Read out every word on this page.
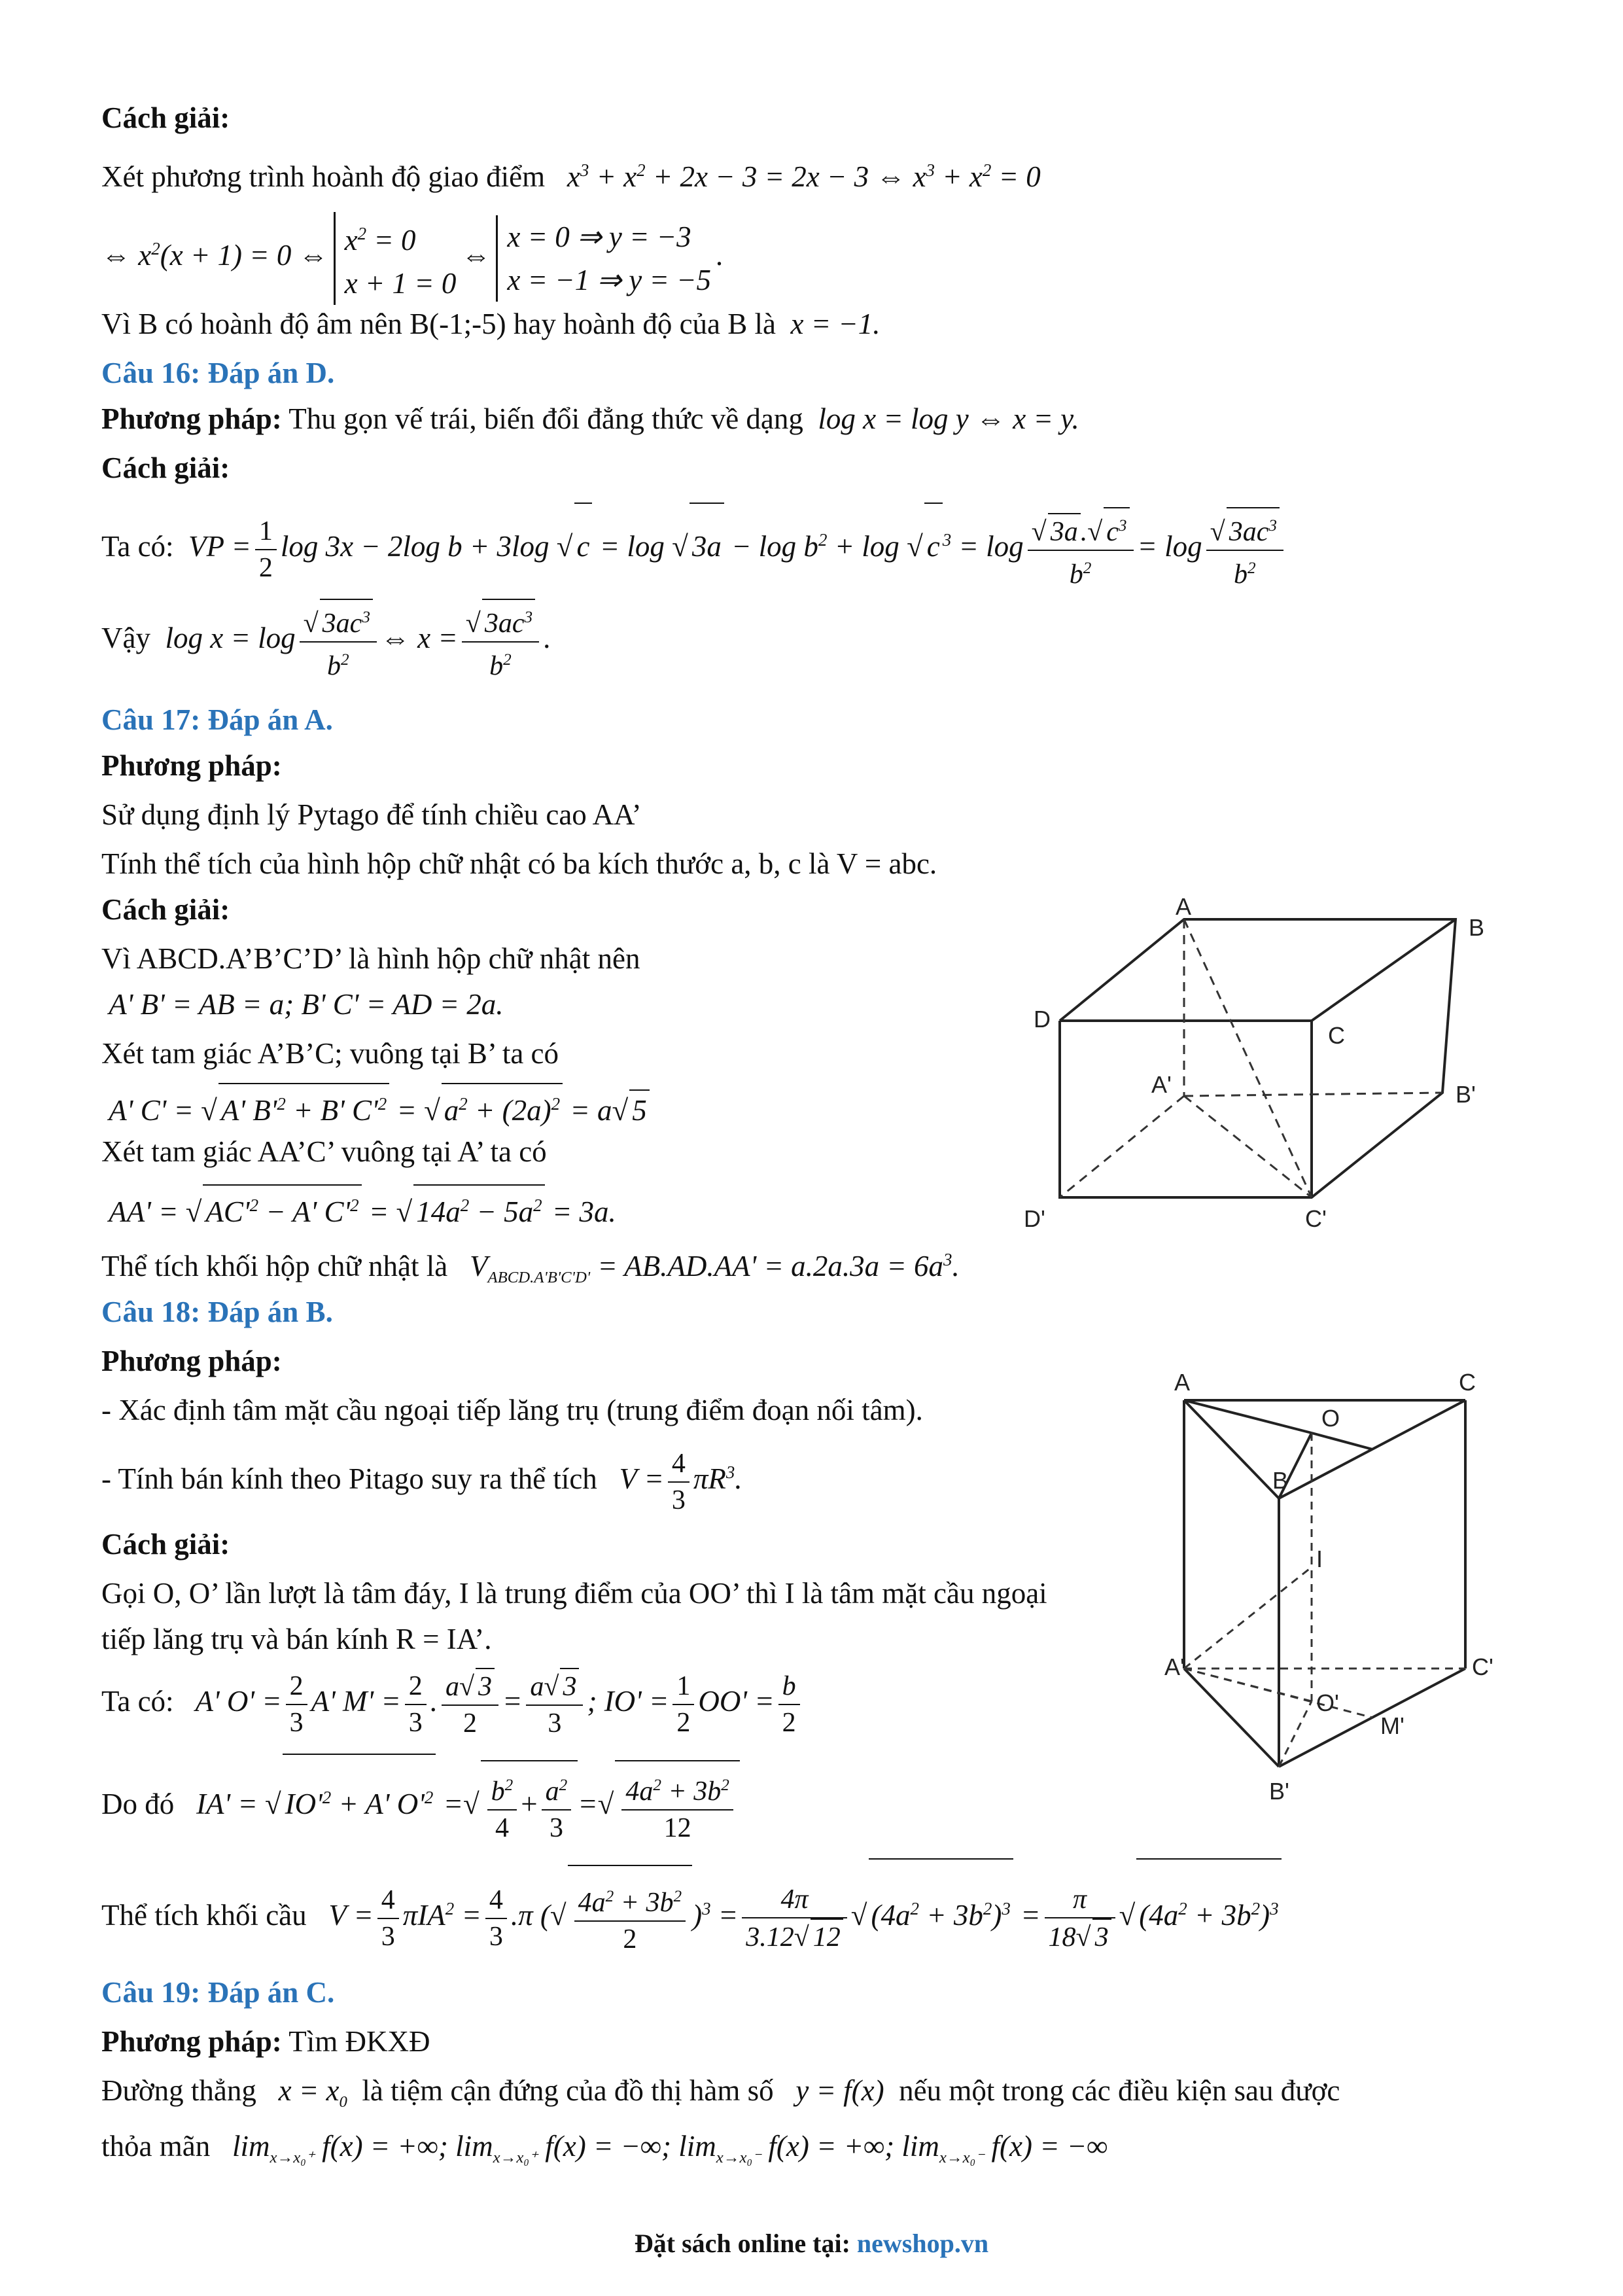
Cách giải:
Xét phương trình hoành độ giao điểm   $x^3 + x^2 + 2x - 3 = 2x - 3$ ⇔ $x^3 + x^2 = 0$
⇔ $x^2(x + 1) = 0$ ⇔ $x^2 = 0$
x + 1 = 0
⇔
x = 0 ⇒ y = −3
x = −1 ⇒ y = −5
.
Vì B có hoành độ âm nên B(-1;-5) hay hoành độ của B là  x = −1.
Câu 16: Đáp án D.
Phương pháp: Thu gọn vế trái, biến đổi đẳng thức về dạng  log x = log y ⇔ x = y.
Cách giải:
Ta có:  VP = $\frac{1}{2}$ log 3x − 2log b + 3log √ c = log √ $3a - \log b^2 + \log$ √ c $^3$ = log
√ $\frac{3a.√ c^3}{b^2} = \log$
√ $\frac{3ac^3}{b^2}$
Vậy  log x = log
√ $\frac{3ac^3}{b^2}$ ⇔ x =
√ $\frac{3ac^3}{b^2}$ .
Câu 17: Đáp án A.
Phương pháp:
Sử dụng định lý Pytago để tính chiều cao AA’
Tính thể tích của hình hộp chữ nhật có ba kích thước a, b, c là V = abc.
Cách giải:
Vì ABCD.A’B’C’D’ là hình hộp chữ nhật nên
A' B' = AB = a; B' C' = AD = 2a.
Xét tam giác A’B’C; vuông tại B’ ta có
A' C' = √ A' $B'^2 + B'$ $C'^2$ = √ $a^2 + (2a)^2 = a√$ 5
Xét tam giác AA’C’ vuông tại A’ ta có
AA' = √ $AC'^2 - A'$ $C'^2$ = √ $14a^2 - 5a^2 = 3a$.
Thể tích khối hộp chữ nhật là   $V_{ABCD.A'B'C'D'} = AB.AD.AA' = a.2a.3a = 6a^3$.
Câu 18: Đáp án B.
Phương pháp:
- Xác định tâm mặt cầu ngoại tiếp lăng trụ (trung điểm đoạn nối tâm).
- Tính bán kính theo Pitago suy ra thể tích   $V = \frac{4}{3} \pi R^3$.
Cách giải:
Gọi O, O’ lần lượt là tâm đáy, I là trung điểm của OO’ thì I là tâm mặt cầu ngoại
tiếp lăng trụ và bán kính R = IA’.
Ta có:   A' $O' = \frac{2}{3} A'$ $M' = \frac{2}{3}$ . $\frac{a√ 3}{2} = \frac{a√ 3}{3}$ ; $IO' = \frac{1}{2} OO' = \frac{b}{2}$
Do đó   IA' = √ $IO'^2 + A'$ $O'^2$ =√ $\frac{b^2}{4} + \frac{a^2}{3}$ =√ $\frac{4a^2 + 3b^2}{12}$
Thể tích khối cầu   $V = \frac{4}{3} \pi IA^2 = \frac{4}{3} .\pi$ (√ $\frac{4a^2 + 3b^2}{2} )^3 = \frac{4\pi}{3.12√ 12}$
√ $(4a^2 + 3b^2)^3 = \frac{\pi}{18√ 3}$
√ $(4a^2 + 3b^2)^3$
Câu 19: Đáp án C.
Phương pháp: Tìm ĐKXĐ
Đường thẳng   $x = x_0$ là tiệm cận đứng của đồ thị hàm số   y = f(x)  nếu một trong các điều kiện sau được
thỏa mãn   $\lim_{x\to x_0^+} f(x)$ = +∞; $\lim_{x\to x_0^+} f(x)$ = −∞; $\lim_{x\to x_0^-} f(x)$ = +∞; $\lim_{x\to x_0^-} f(x)$ = −∞
A
B
C
D
A'	B'
C'
D'
A	C
O
B
I
A'	C'
O'
M'
B'
Đặt sách online tại: newshop.vn
